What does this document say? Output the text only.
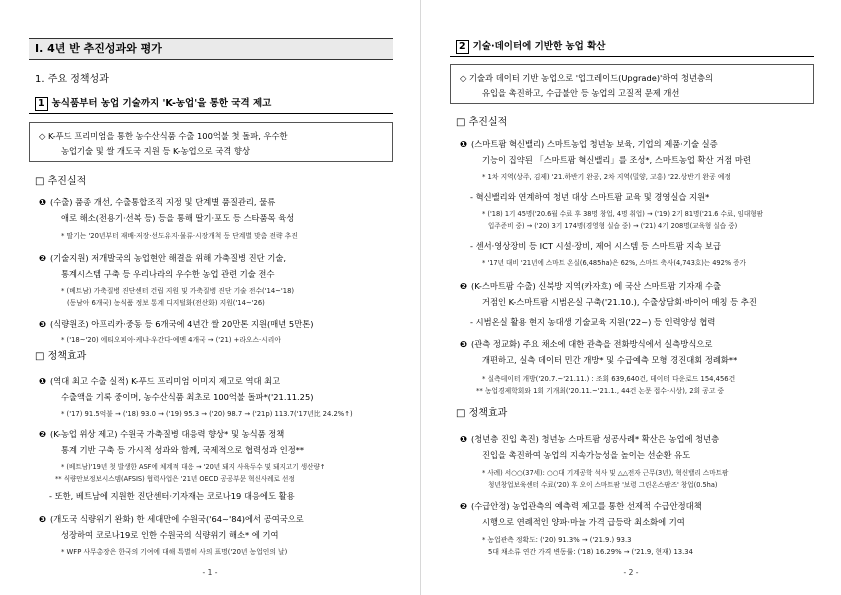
Ⅰ. 4년 반 추진성과와 평가
1. 주요 정책성과
1 농식품부터 농업 기술까지 'K-농업'을 통한 국격 제고
◇ K-푸드 프리미엄을 통한 농수산식품 수출 100억불 첫 돌파, 우수한
농업기술 및 쌀 개도국 지원 등 K-농업으로 국격 향상
□ 추진실적
❶ (수출) 품종 개선, 수출통합조직 지정 및 단계별 품질관리, 물류
애로 해소(전용기·선복 등) 등을 통해 딸기·포도 등 스타품목 육성
* 딸기는 '20년부터 재배·저장·선도유지·물류·시장개척 등 단계별 맞춤 전략 추진
❷ (기술지원) 저개발국의 농업현안 해결을 위해 가축질병 진단 기술,
통계시스템 구축 등 우리나라의 우수한 농업 관련 기술 전수
* (베트남) 가축질병 진단센터 건립 지원 및 가축질병 진단 기술 전수('14~'18)
(동남아 6개국) 농식품 정보 통계 디지털화(전산화) 지원('14~'26)
❸ (식량원조) 아프리카·중동 등 6개국에 4년간 쌀 20만톤 지원(매년 5만톤)
* ('18~'20) 에티오피아·케냐·우간다·예멘 4개국 → ('21) +라오스·시리아
□ 정책효과
❶ (역대 최고 수출 실적) K-푸드 프리미엄 이미지 제고로 역대 최고
수출액을 기록 중이며, 농수산식품 최초로 100억불 돌파*('21.11.25)
* ('17) 91.5억불 → ('18) 93.0 → ('19) 95.3 → ('20) 98.7 → ('21p) 113.7('17년比 24.2%↑)
❷ (K-농업 위상 제고) 수원국 가축질병 대응력 향상* 및 농식품 정책
통계 기반 구축 등 가시적 성과와 함께, 국제적으로 협력성과 인정**
* (베트남)'19년 첫 발생한 ASF에 체계적 대응 → '20년 돼지 사육두수 및 돼지고기 생산량↑
** 식량안보정보시스템(AFSIS) 협력사업은 '21년 OECD 공공부문 혁신사례로 선정
- 또한, 베트남에 지원한 진단센터·기자재는 코로나19 대응에도 활용
❸ (개도국 식량위기 완화) 한 세대만에 수원국('64~'84)에서 공여국으로
성장하여 코로나19로 인한 수원국의 식량위기 해소* 에 기여
* WFP 사무총장은 한국의 기여에 대해 특별히 사의 표명('20년 농업인의 날)
- 1 -
2 기술·데이터에 기반한 농업 확산
◇ 기술과 데이터 기반 농업으로 '업그레이드(Upgrade)'하여 청년층의
유입을 촉진하고, 수급불안 등 농업의 고질적 문제 개선
□ 추진실적
❶ (스마트팜 혁신밸리) 스마트농업 청년농 보육, 기업의 제품·기술 실증
기능이 집약된 「스마트팜 혁신밸리」를 조성*, 스마트농업 확산 거점 마련
* 1차 지역(상주, 김제) '21.하반기 완공, 2차 지역(밀양, 고흥) '22.상반기 완공 예정
- 혁신밸리와 연계하여 청년 대상 스마트팜 교육 및 경영실습 지원*
* ('18) 1기 45명('20.6월 수료 후 38명 창업, 4명 취업) → ('19) 2기 81명('21.6 수료, 임대형팜
입주준비 중) → ('20) 3기 174명(경영형 실습 중) → ('21) 4기 208명(교육형 실습 중)
- 센서·영상장비 등 ICT 시설·장비, 제어 시스템 등 스마트팜 지속 보급
* '17년 대비 '21년에 스마트 온실(6,485ha)은 62%, 스마트 축사(4,743호)는 492% 증가
❷ (K-스마트팜 수출) 신북방 지역(카자흐) 에 국산 스마트팜 기자재 수출
거점인 K-스마트팜 시범온실 구축('21.10.), 수출상담회·바이어 매칭 등 추진
- 시범온실 활용 현지 농대생 기술교육 지원('22~) 등 인력양성 협력
❸ (관측 정교화) 주요 채소에 대한 관측을 전화방식에서 실측방식으로
개편하고, 실측 데이터 민간 개방* 및 수급예측 모형 경진대회 정례화**
* 실측데이터 개방('20.7.~'21.11.) : 조회 639,640건, 데이터 다운로드 154,456건
** 농업경제학회와 1회 기개최('20.11.~'21.1., 44건 논문 접수·시상), 2회 공고 중
□ 정책효과
❶ (청년층 진입 촉진) 청년농 스마트팜 성공사례* 확산은 농업에 청년층
진입을 촉진하여 농업의 지속가능성을 높이는 선순환 유도
* 사례) 서○○(37세): ○○대 기계공학 석사 및 △△전자 근무(3년), 혁신밸리 스마트팜
청년창업보육센터 수료('20) 후 오이 스마트팜 '보령 그린온스팜즈' 창업(0.5ha)
❷ (수급안정) 농업관측의 예측력 제고를 통한 선제적 수급안정대책
시행으로 연례적인 양파·마늘 가격 급등락 최소화에 기여
* 농업관측 정확도: ('20) 91.3% → ('21.9.) 93.3
5대 채소류 연간 가격 변동률: ('18) 16.29% → ('21.9, 현재) 13.34
- 2 -
